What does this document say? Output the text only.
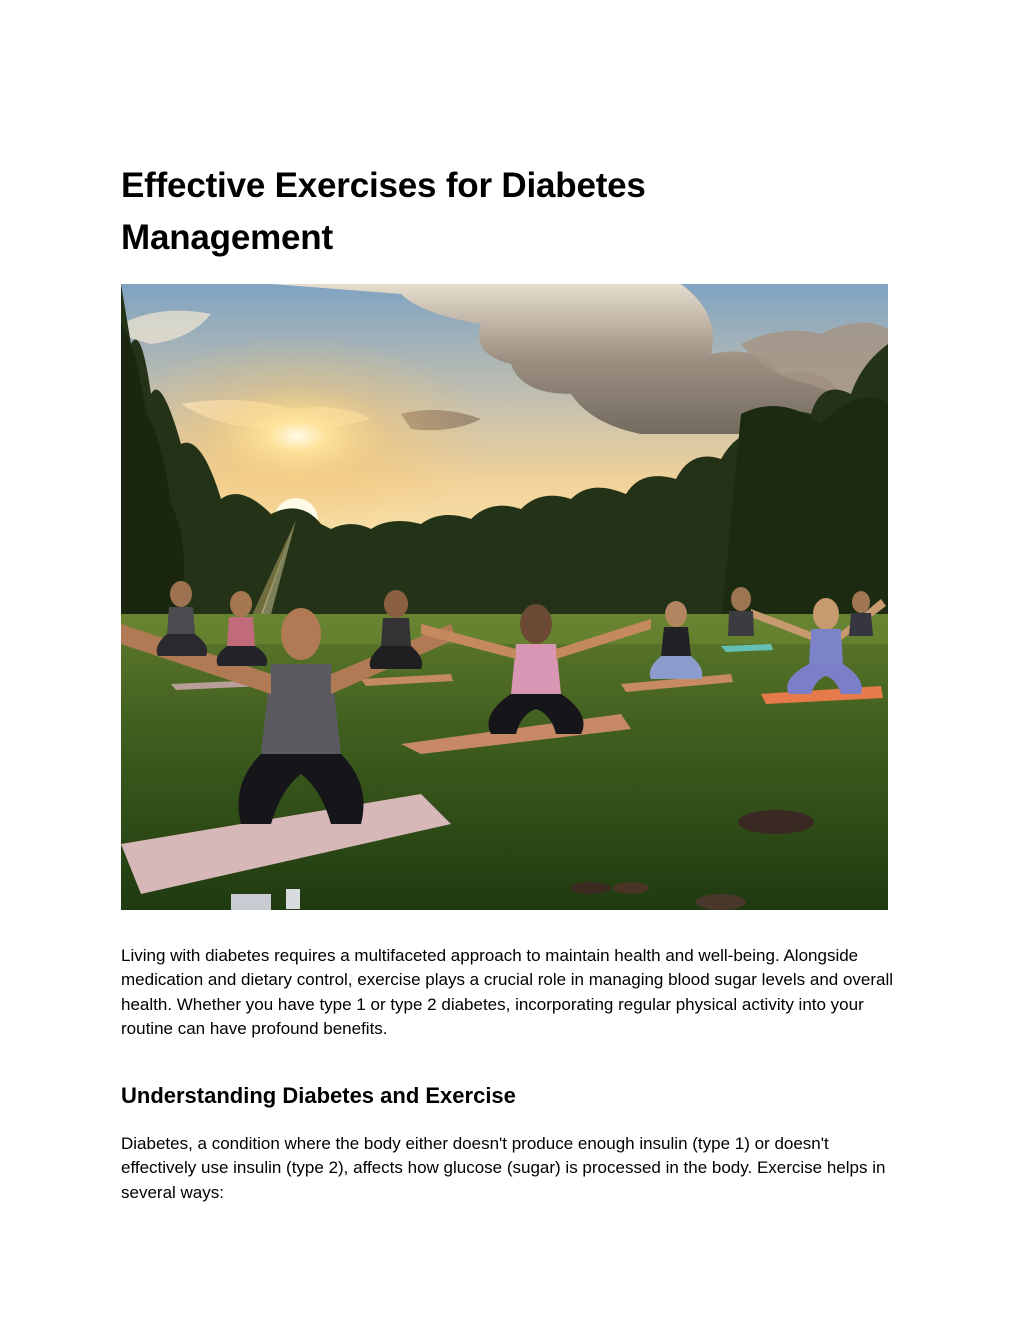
Effective Exercises for Diabetes Management

Living with diabetes requires a multifaceted approach to maintain health and well-being. Alongside medication and dietary control, exercise plays a crucial role in managing blood sugar levels and overall health. Whether you have type 1 or type 2 diabetes, incorporating regular physical activity into your routine can have profound benefits.

Understanding Diabetes and Exercise

Diabetes, a condition where the body either doesn't produce enough insulin (type 1) or doesn't effectively use insulin (type 2), affects how glucose (sugar) is processed in the body. Exercise helps in several ways:
